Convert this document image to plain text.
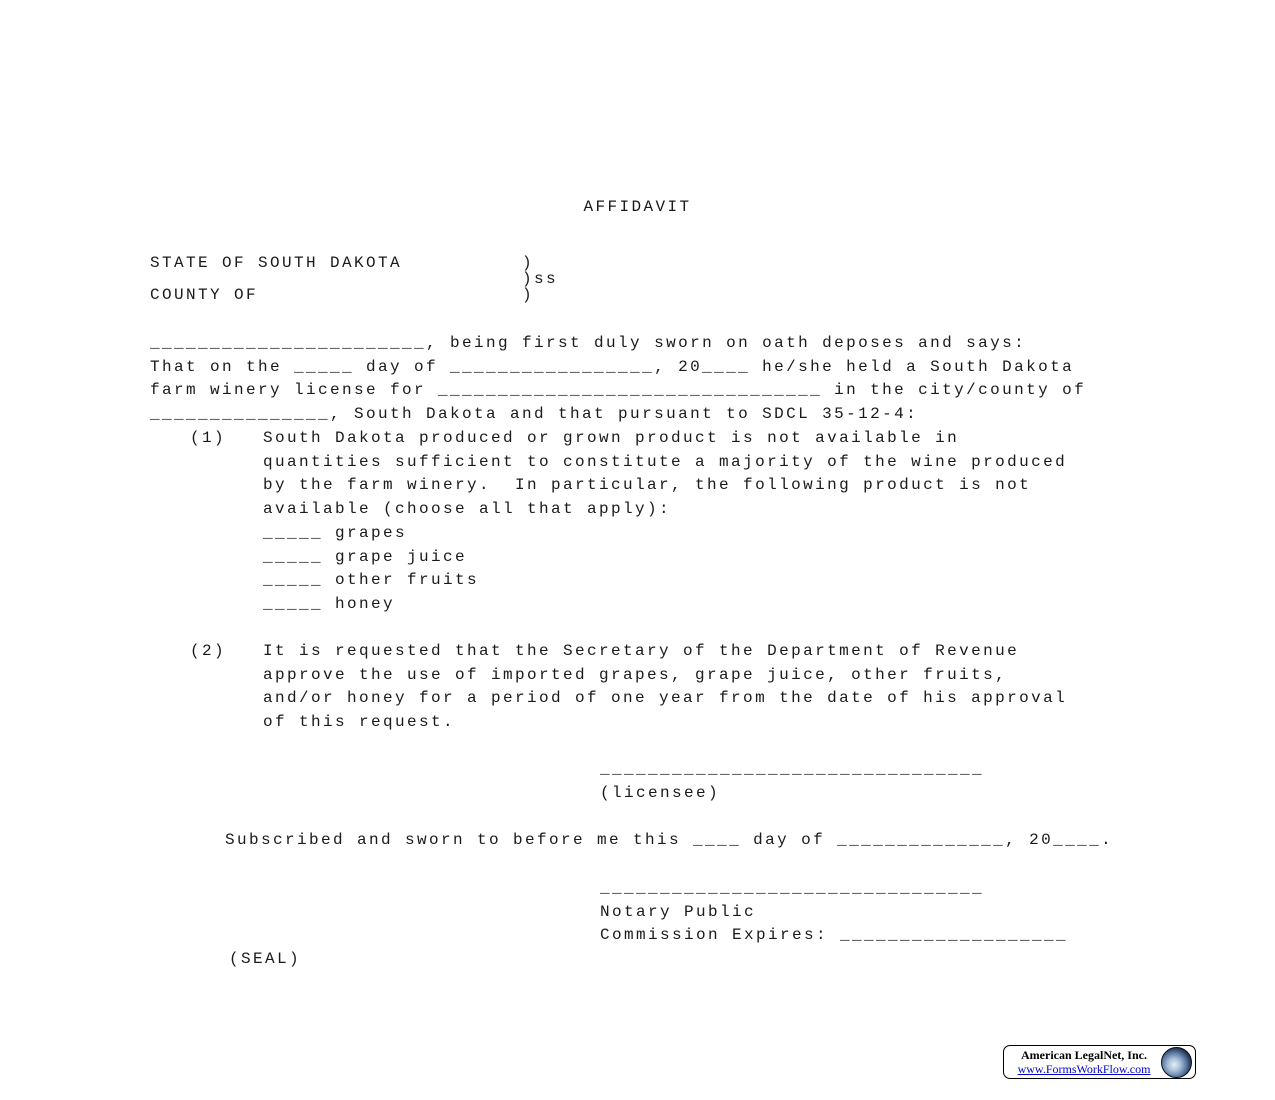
AFFIDAVIT
STATE OF SOUTH DAKOTA          )
)ss
COUNTY OF                      )
_______________________, being first duly sworn on oath deposes and says:
That on the _____ day of _________________, 20____ he/she held a South Dakota
farm winery license for ________________________________ in the city/county of
_______________, South Dakota and that pursuant to SDCL 35-12-4:
(1)	South Dakota produced or grown product is not available in
quantities sufficient to constitute a majority of the wine produced
by the farm winery.  In particular, the following product is not
available (choose all that apply):
_____ grapes
_____ grape juice
_____ other fruits
_____ honey
(2)	It is requested that the Secretary of the Department of Revenue
approve the use of imported grapes, grape juice, other fruits,
and/or honey for a period of one year from the date of his approval
of this request.
________________________________
(licensee)
Subscribed and sworn to before me this ____ day of ______________, 20____.
________________________________
Notary Public
Commission Expires: ___________________
(SEAL)
American LegalNet, Inc.
www.FormsWorkFlow.com
